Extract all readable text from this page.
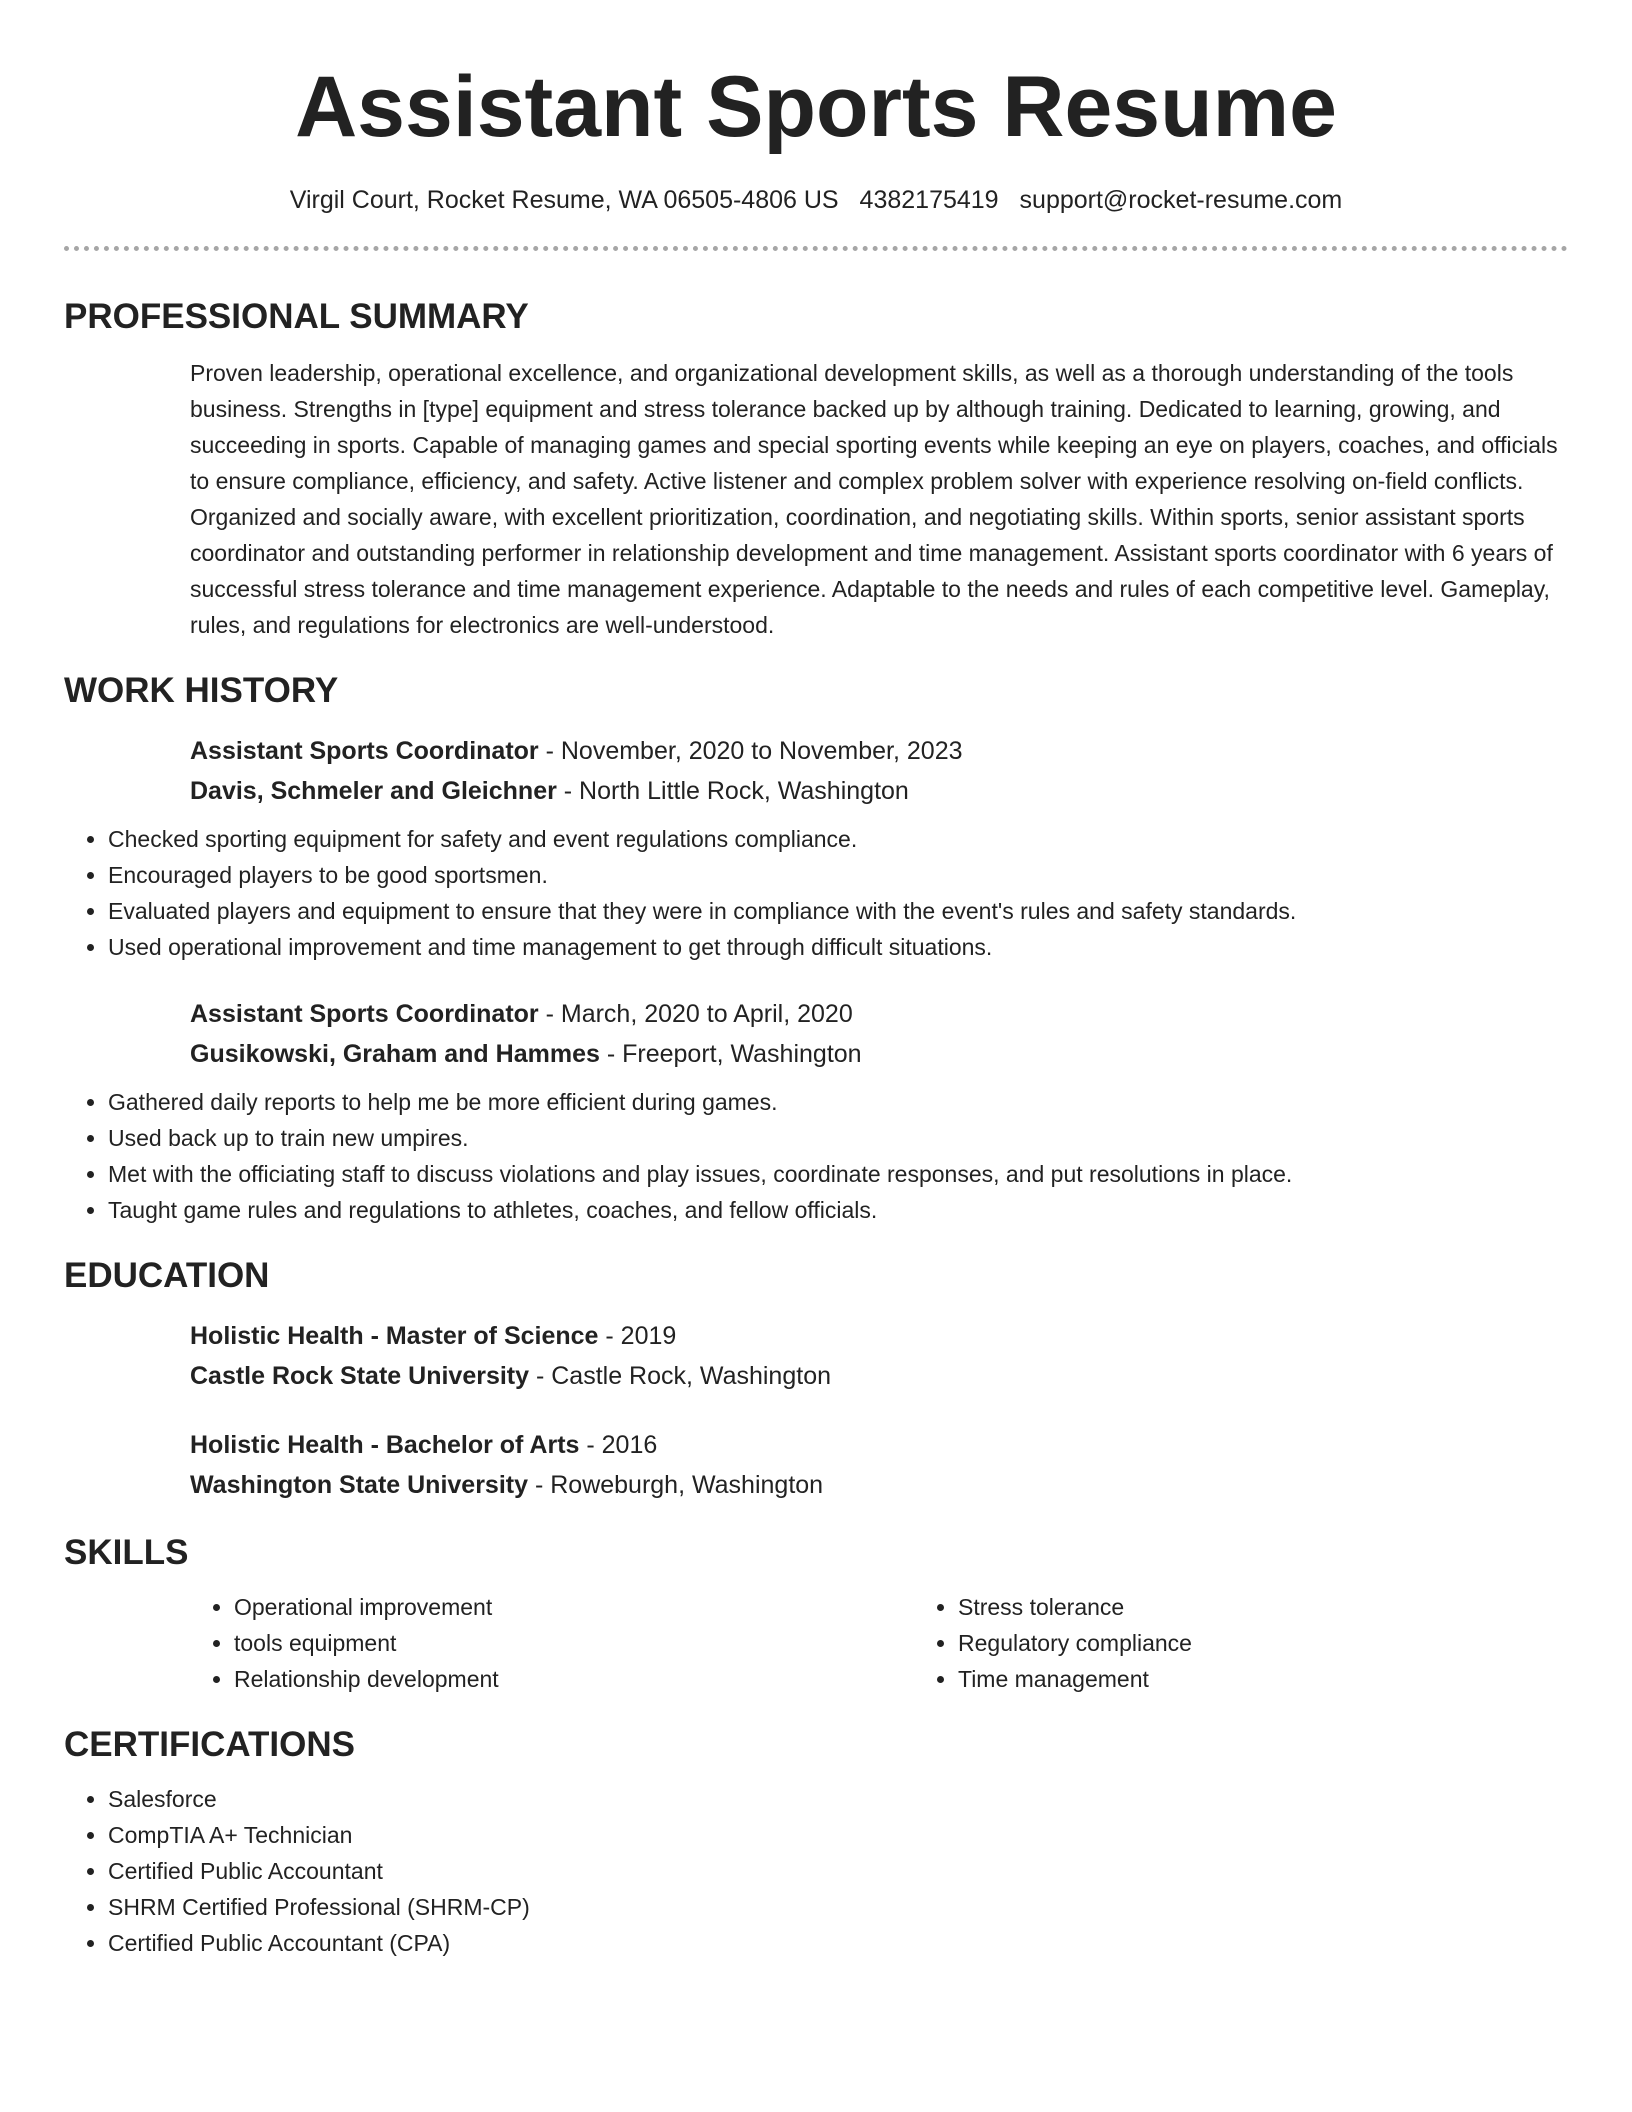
Assistant Sports Resume
Virgil Court, Rocket Resume, WA 06505-4806 US 4382175419 support@rocket-resume.com
PROFESSIONAL SUMMARY

Proven leadership, operational excellence, and organizational development skills, as well as a thorough understanding of the tools business. Strengths in [type] equipment and stress tolerance backed up by although training. Dedicated to learning, growing, and succeeding in sports. Capable of managing games and special sporting events while keeping an eye on players, coaches, and officials to ensure compliance, efficiency, and safety. Active listener and complex problem solver with experience resolving on-field conflicts. Organized and socially aware, with excellent prioritization, coordination, and negotiating skills. Within sports, senior assistant sports coordinator and outstanding performer in relationship development and time management. Assistant sports coordinator with 6 years of successful stress tolerance and time management experience. Adaptable to the needs and rules of each competitive level. Gameplay, rules, and regulations for electronics are well-understood.

WORK HISTORY
Assistant Sports Coordinator - November, 2020 to November, 2023
Davis, Schmeler and Gleichner - North Little Rock, Washington
• Checked sporting equipment for safety and event regulations compliance.
• Encouraged players to be good sportsmen.
• Evaluated players and equipment to ensure that they were in compliance with the event's rules and safety standards.
• Used operational improvement and time management to get through difficult situations.
Assistant Sports Coordinator - March, 2020 to April, 2020
Gusikowski, Graham and Hammes - Freeport, Washington
• Gathered daily reports to help me be more efficient during games.
• Used back up to train new umpires.
• Met with the officiating staff to discuss violations and play issues, coordinate responses, and put resolutions in place.
• Taught game rules and regulations to athletes, coaches, and fellow officials.
EDUCATION
Holistic Health - Master of Science - 2019
Castle Rock State University - Castle Rock, Washington
Holistic Health - Bachelor of Arts - 2016
Washington State University - Roweburgh, Washington
SKILLS
• Operational improvement
• tools equipment
• Relationship development
• Stress tolerance
• Regulatory compliance
• Time management
CERTIFICATIONS
• Salesforce
• CompTIA A+ Technician
• Certified Public Accountant
• SHRM Certified Professional (SHRM-CP)
• Certified Public Accountant (CPA)
